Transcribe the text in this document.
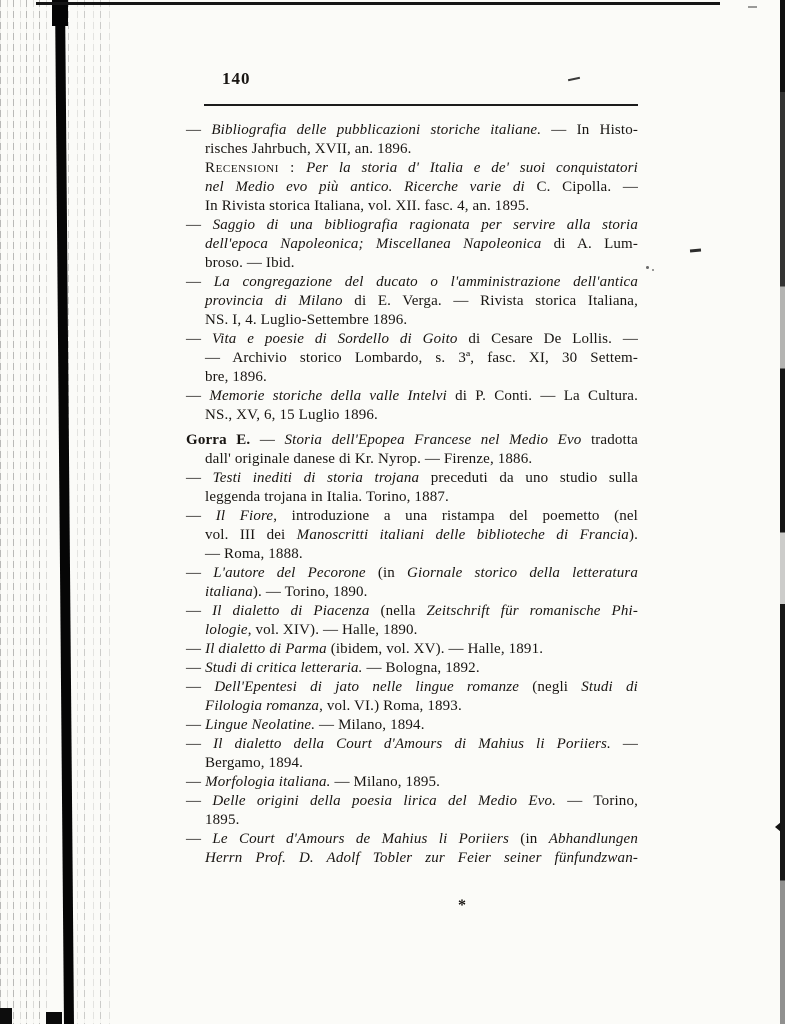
140
— Bibliografia delle pubblicazioni storiche italiane. — In Histo-
risches Jahrbuch, XVII, an. 1896.
Recensioni : Per la storia d' Italia e de' suoi conquistatori
nel Medio evo più antico. Ricerche varie di C. Cipolla. —
In Rivista storica Italiana, vol. XII. fasc. 4, an. 1895.
— Saggio di una bibliografia ragionata per servire alla storia
dell'epoca Napoleonica; Miscellanea Napoleonica di A. Lum-
broso. — Ibid.
— La congregazione del ducato o l'amministrazione dell'antica
provincia di Milano di E. Verga. — Rivista storica Italiana,
NS. I, 4. Luglio-Settembre 1896.
— Vita e poesie di Sordello di Goito di Cesare De Lollis. —
— Archivio storico Lombardo, s. 3ª, fasc. XI, 30 Settem-
bre, 1896.
— Memorie storiche della valle Intelvi di P. Conti. — La Cultura.
NS., XV, 6, 15 Luglio 1896.
Gorra E. — Storia dell'Epopea Francese nel Medio Evo tradotta
dall' originale danese di Kr. Nyrop. — Firenze, 1886.
— Testi inediti di storia trojana preceduti da uno studio sulla
leggenda trojana in Italia. Torino, 1887.
— Il Fiore, introduzione a una ristampa del poemetto (nel
vol. III dei Manoscritti italiani delle biblioteche di Francia).
— Roma, 1888.
— L'autore del Pecorone (in Giornale storico della letteratura
italiana). — Torino, 1890.
— Il dialetto di Piacenza (nella Zeitschrift für romanische Phi-
lologie, vol. XIV). — Halle, 1890.
— Il dialetto di Parma (ibidem, vol. XV). — Halle, 1891.
— Studi di critica letteraria. — Bologna, 1892.
— Dell'Epentesi di jato nelle lingue romanze (negli Studi di
Filologia romanza, vol. VI.) Roma, 1893.
— Lingue Neolatine. — Milano, 1894.
— Il dialetto della Court d'Amours di Mahius li Poriiers. —
Bergamo, 1894.
— Morfologia italiana. — Milano, 1895.
— Delle origini della poesia lirica del Medio Evo. — Torino,
1895.
— Le Court d'Amours de Mahius li Poriiers (in Abhandlungen
Herrn Prof. D. Adolf Tobler zur Feier seiner fünfundzwan-
*
